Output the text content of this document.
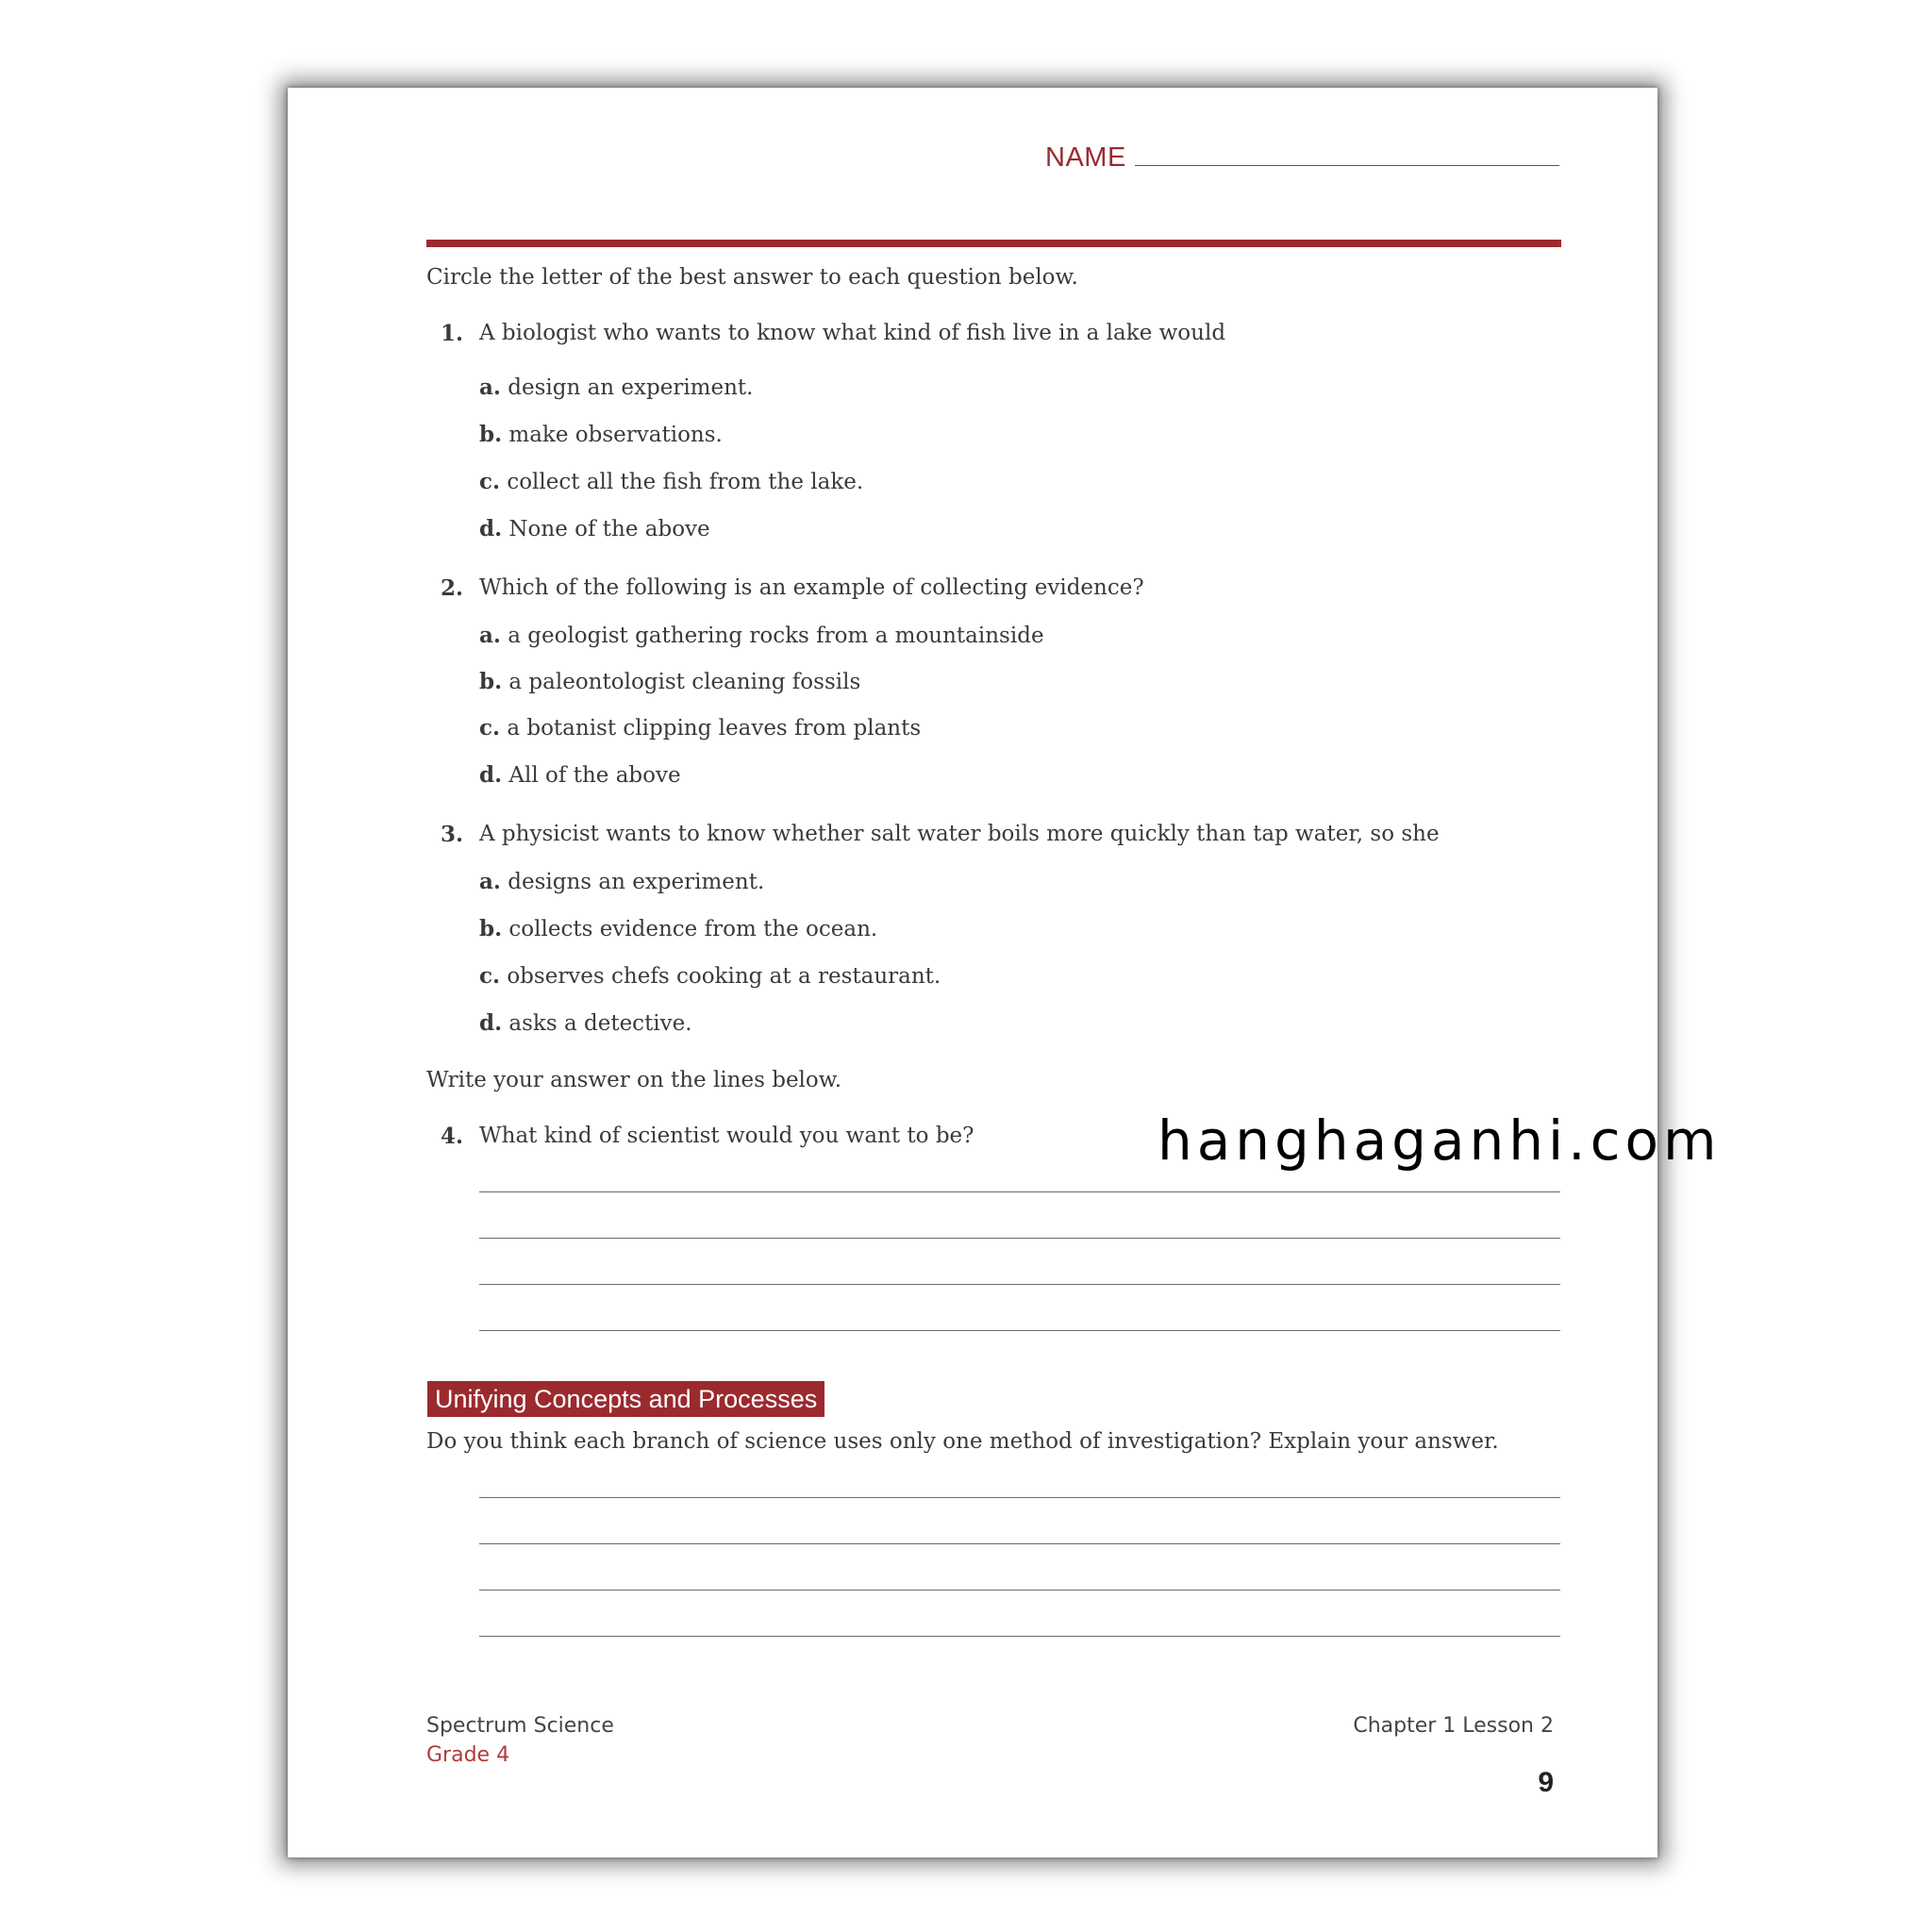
NAME
Circle the letter of the best answer to each question below.
1. A biologist who wants to know what kind of fish live in a lake would
a. design an experiment.
b. make observations.
c. collect all the fish from the lake.
d. None of the above
2. Which of the following is an example of collecting evidence?
a. a geologist gathering rocks from a mountainside
b. a paleontologist cleaning fossils
c. a botanist clipping leaves from plants
d. All of the above
3. A physicist wants to know whether salt water boils more quickly than tap water, so she
a. designs an experiment.
b. collects evidence from the ocean.
c. observes chefs cooking at a restaurant.
d. asks a detective.
Write your answer on the lines below.
4. What kind of scientist would you want to be?
Unifying Concepts and Processes
Do you think each branch of science uses only one method of investigation? Explain your answer.
Spectrum Science
Grade 4
Chapter 1 Lesson 2
9
hanghaganhi.com
